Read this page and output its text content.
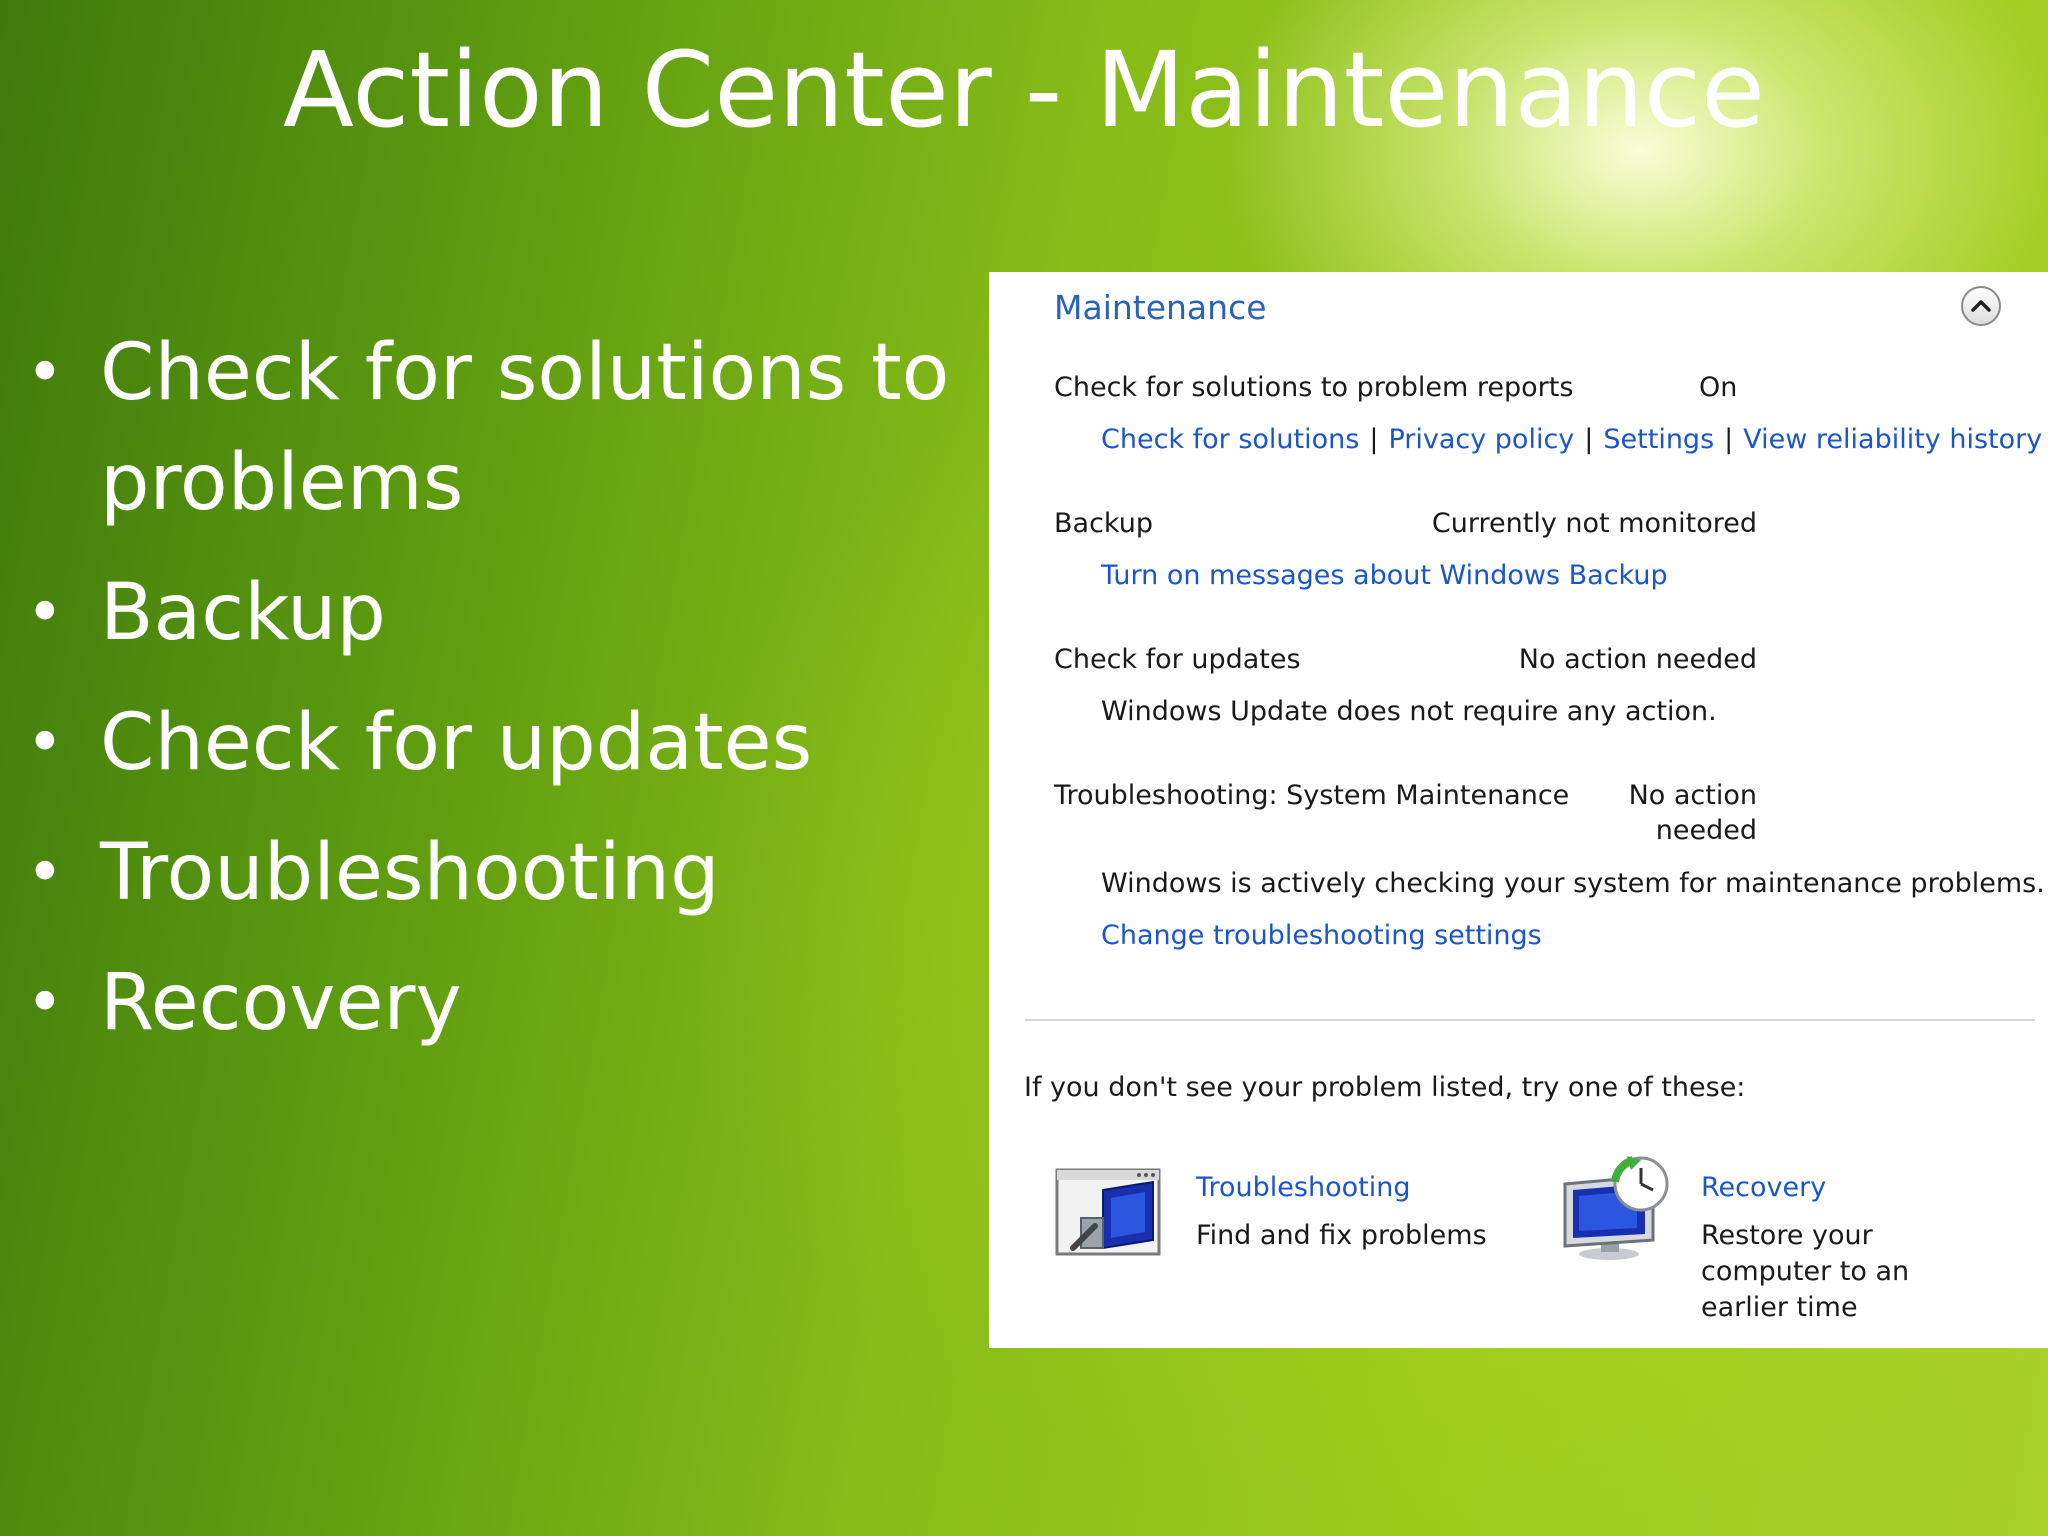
Action Center - Maintenance
• Check for solutions to problems
• Backup
• Check for updates
• Troubleshooting
• Recovery
Maintenance
Check for solutions to problem reports	On
Check for solutions | Privacy policy | Settings | View reliability history
Backup	Currently not monitored
Turn on messages about Windows Backup
Check for updates	No action needed
Windows Update does not require any action.
Troubleshooting: System Maintenance No action
needed
Windows is actively checking your system for maintenance problems.
Change troubleshooting settings
If you don't see your problem listed, try one of these:
Troubleshooting
Find and fix problems
Recovery
Restore your
computer to an
earlier time
